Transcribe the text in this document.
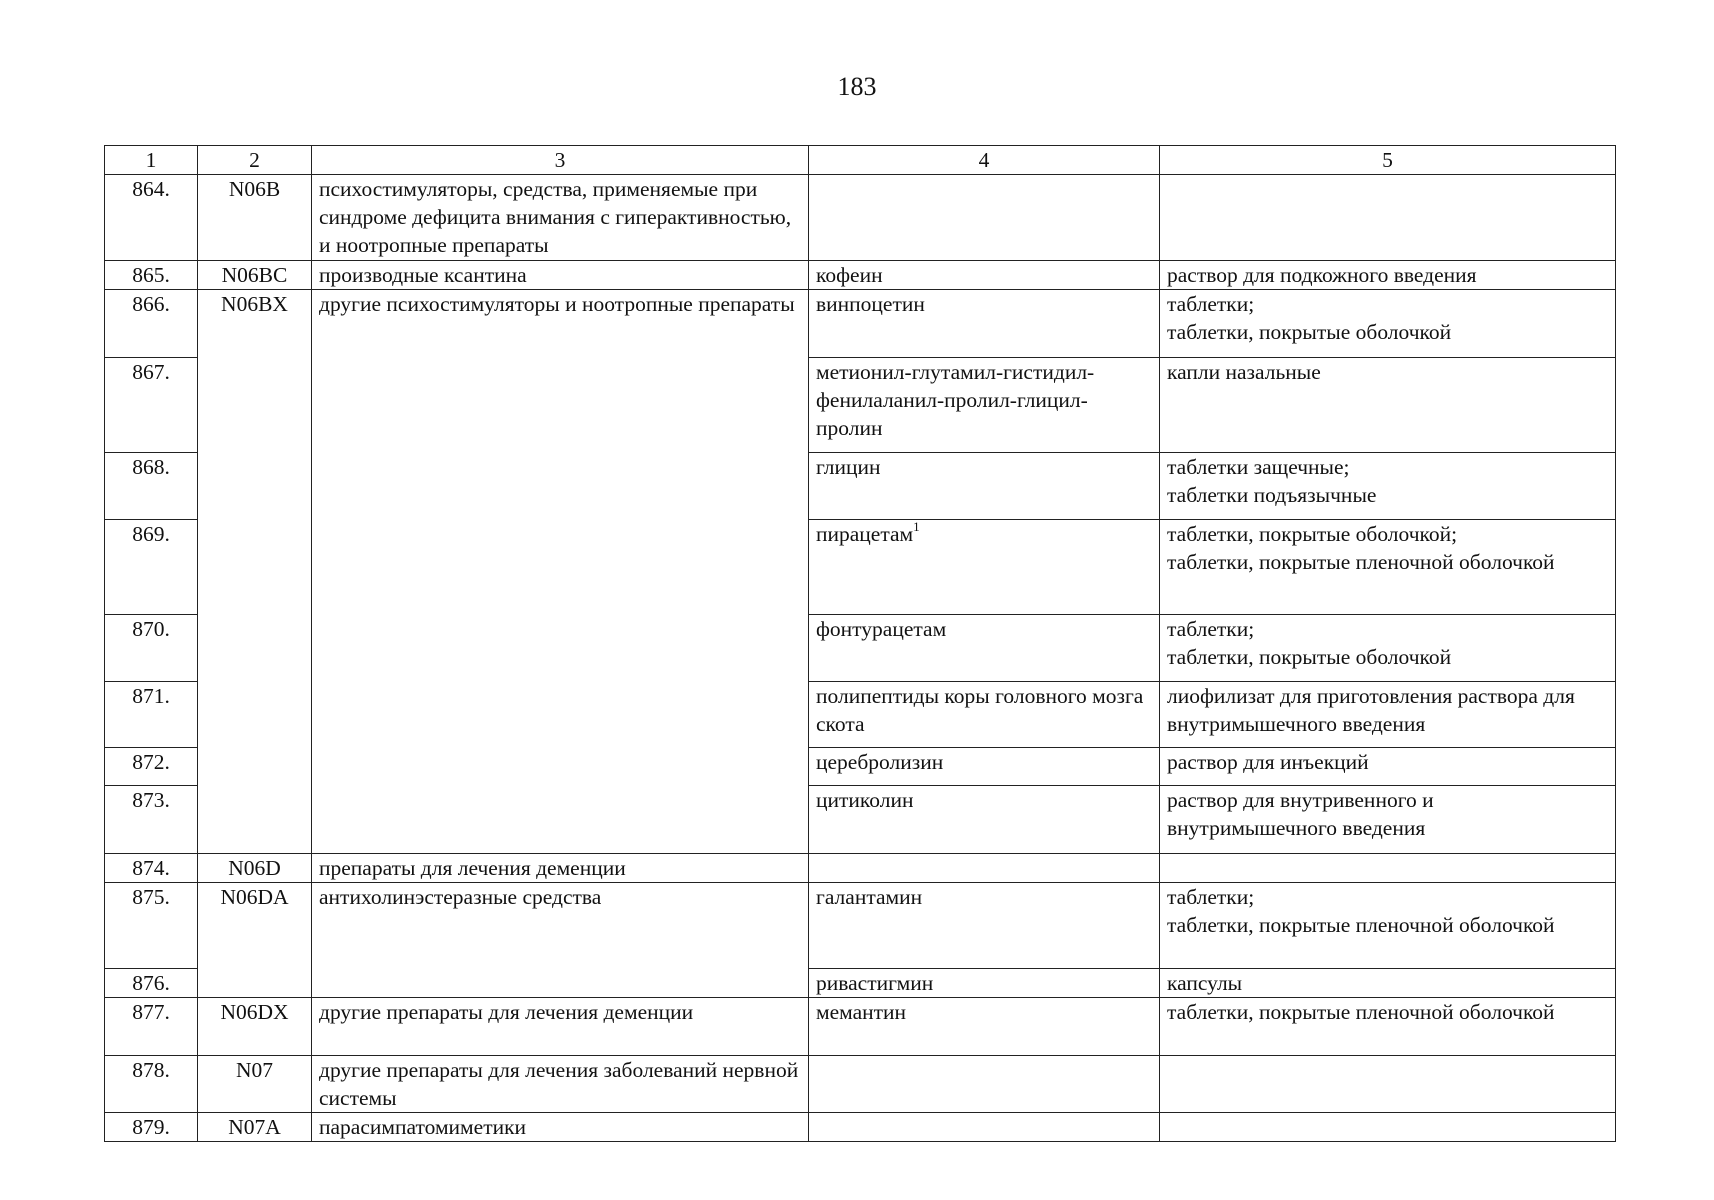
183
1	2	3	4	5
864.	N06B	психостимуляторы, средства, применяемые при синдроме дефицита внимания с гиперактивностью, и ноотропные препараты		
865.	N06BC	производные ксантина	кофеин	раствор для подкожного введения
866.	N06BX	другие психостимуляторы и ноотропные препараты	винпоцетин	таблетки;
таблетки, покрытые оболочкой
867.			метионил-глутамил-гистидил-фенилаланил-пролил-глицил-пролин	капли назальные
868.			глицин	таблетки защечные;
таблетки подъязычные
869.			пирацетам$^1$	таблетки, покрытые оболочкой;
таблетки, покрытые пленочной оболочкой
870.			фонтурацетам	таблетки;
таблетки, покрытые оболочкой
871.			полипептиды коры головного мозга скота	лиофилизат для приготовления раствора для внутримышечного введения
872.			церебролизин	раствор для инъекций
873.			цитиколин	раствор для внутривенного и внутримышечного введения
874.	N06D	препараты для лечения деменции		
875.	N06DA	антихолинэстеразные средства	галантамин	таблетки;
таблетки, покрытые пленочной оболочкой
876.			ривастигмин	капсулы
877.	N06DX	другие препараты для лечения деменции	мемантин	таблетки, покрытые пленочной оболочкой
878.	N07	другие препараты для лечения заболеваний нервной системы		
879.	N07A	парасимпатомиметики		
